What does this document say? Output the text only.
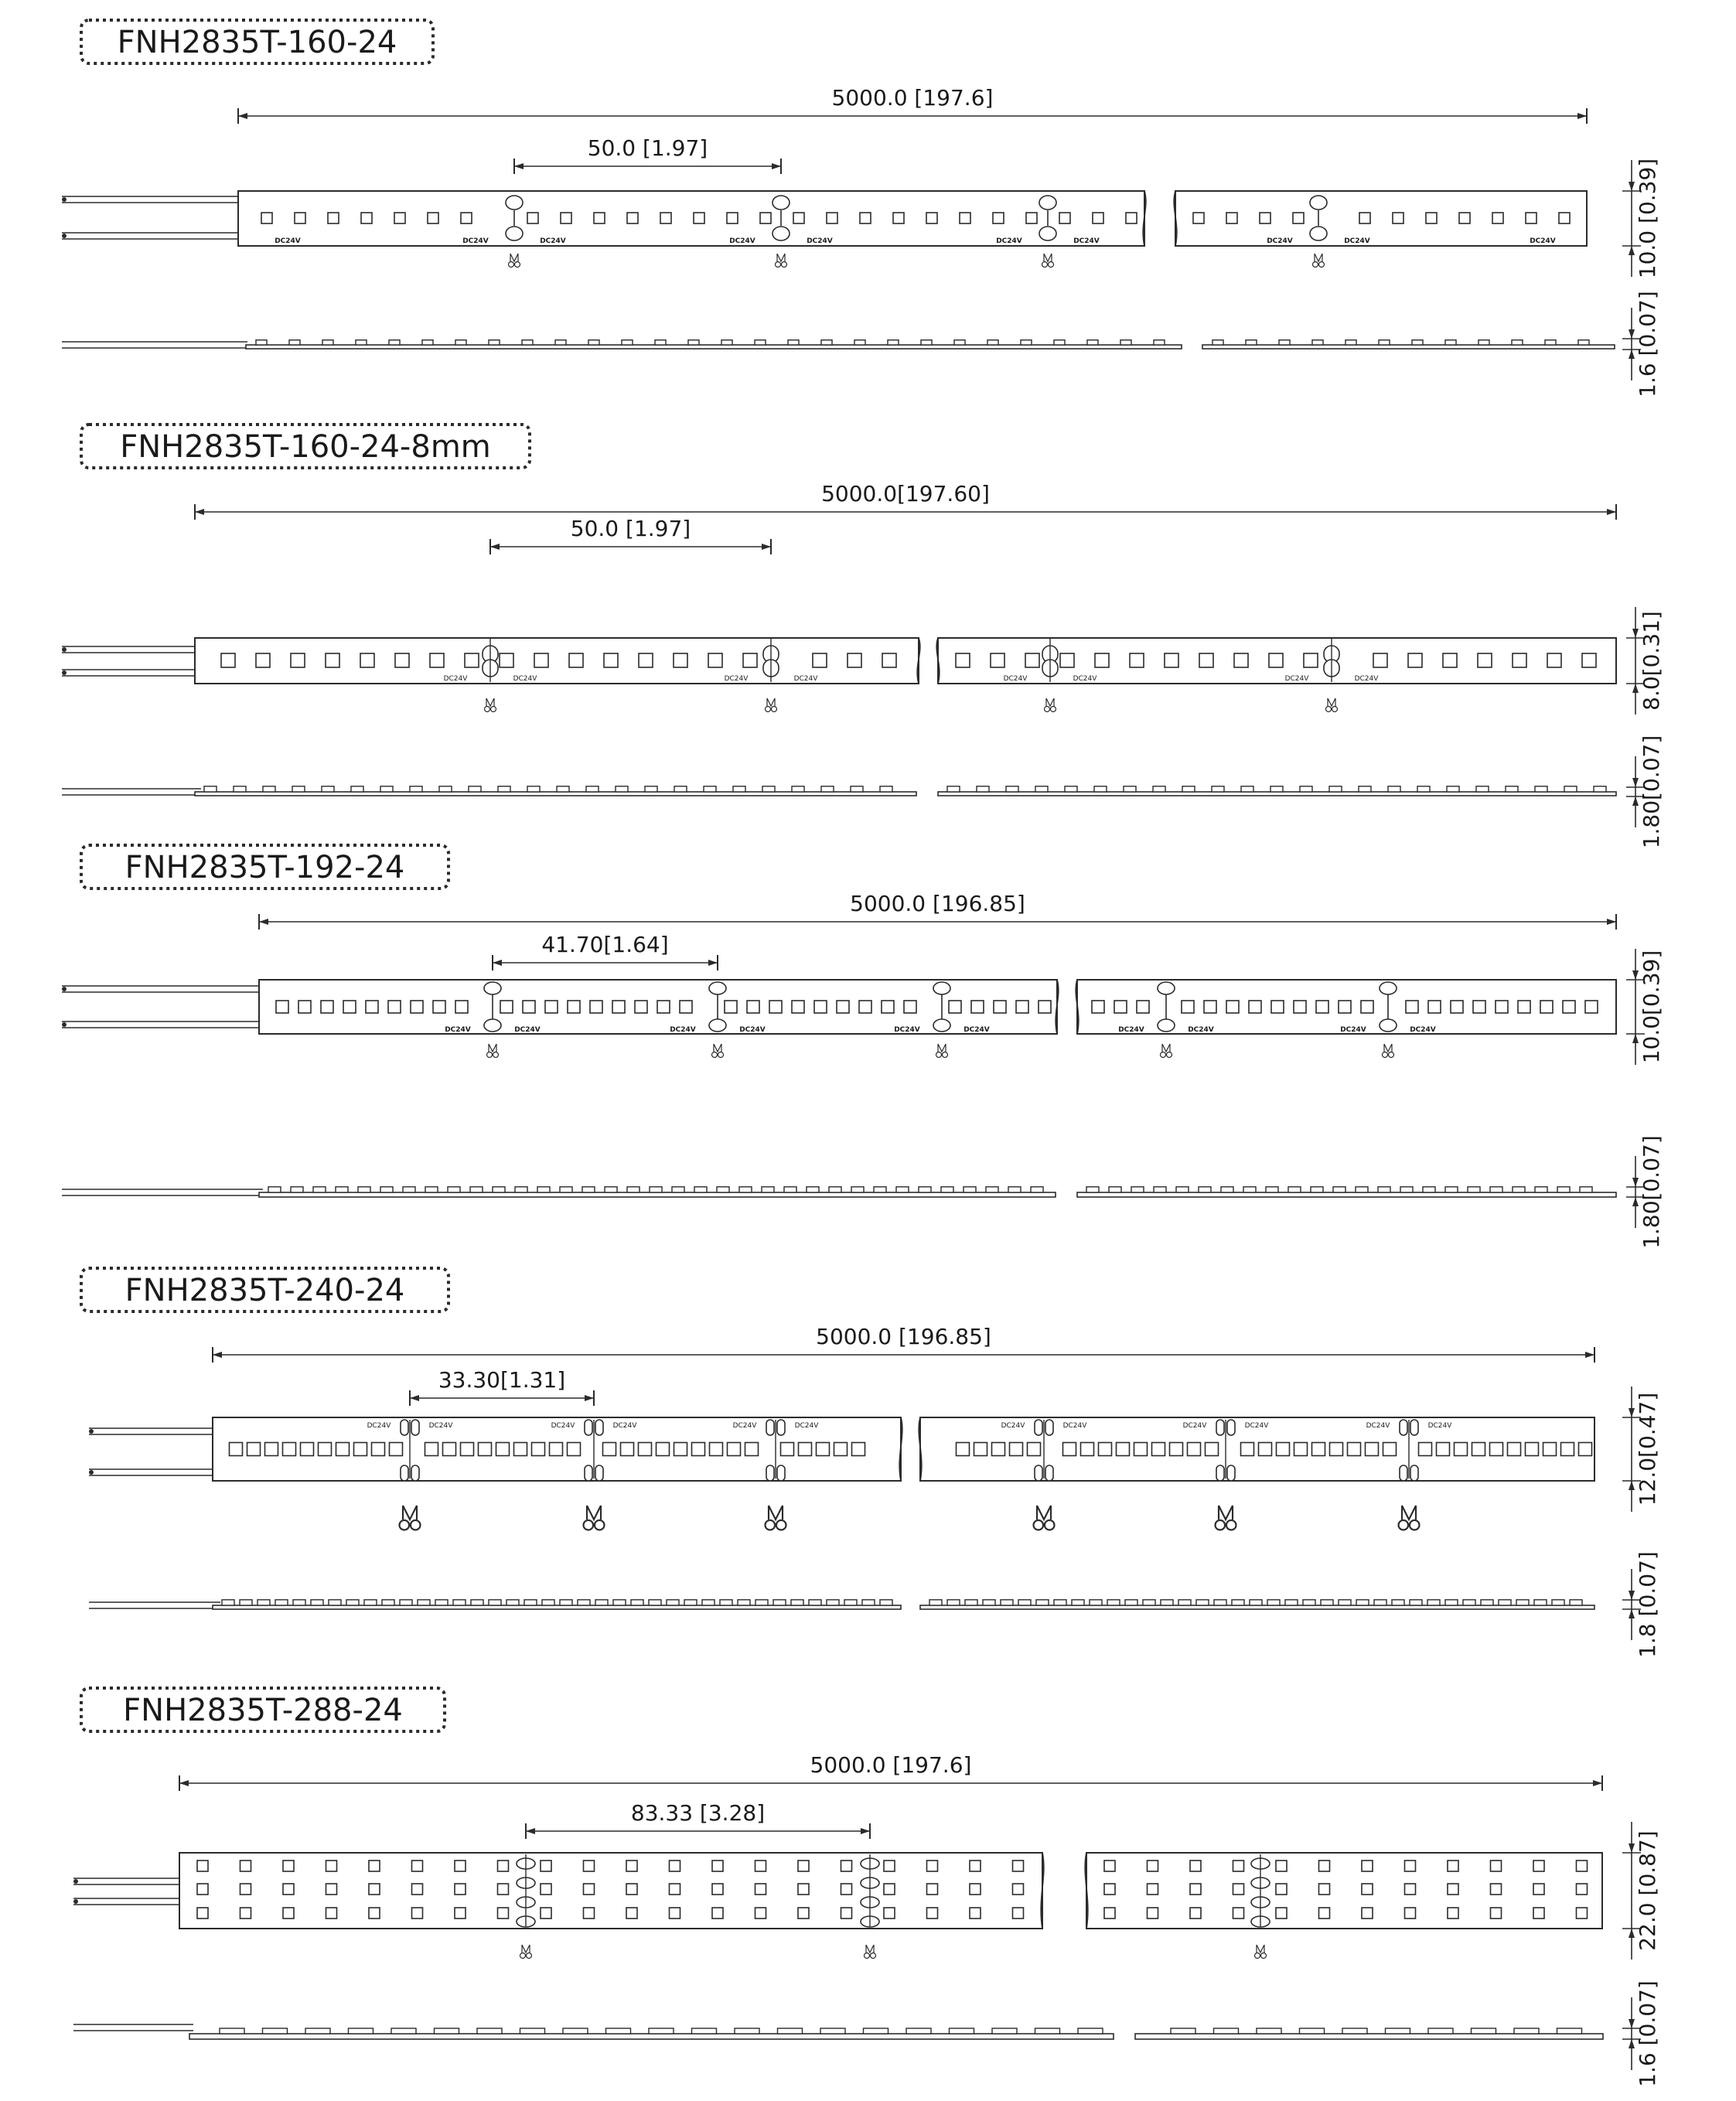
FNH2835T-160-24
5000.0 [197.6]
50.0 [1.97]
DC24V	DC24V	DC24V	DC24V	DC24V	DC24V	DC24V	DC24V
DC24V	DC24V	10.0 [0.39]
1.6 [0.07]
FNH2835T-160-24-8mm
5000.0[197.60]
50.0 [1.97]
DC24V	DC24V	DC24V	DC24V	DC24V	DC24V	DC24V	DC24V	8.0[0.31]
1.80[0.07]
FNH2835T-192-24
5000.0 [196.85]
41.70[1.64]
DC24V	DC24V	DC24V	DC24V	DC24V	DC24V	DC24V	DC24V	DC24V	DC24V	10.0[0.39]
1.80[0.07]
FNH2835T-240-24
5000.0 [196.85]
33.30[1.31]
DC24V	DC24V	DC24V	DC24V	DC24V	DC24V	DC24V	DC24V	DC24V	DC24V	DC24V	DC24V	12.0[0.47]
1.8 [0.07]
FNH2835T-288-24
5000.0 [197.6]
83.33 [3.28]
22.0 [0.87]
1.6 [0.07]
